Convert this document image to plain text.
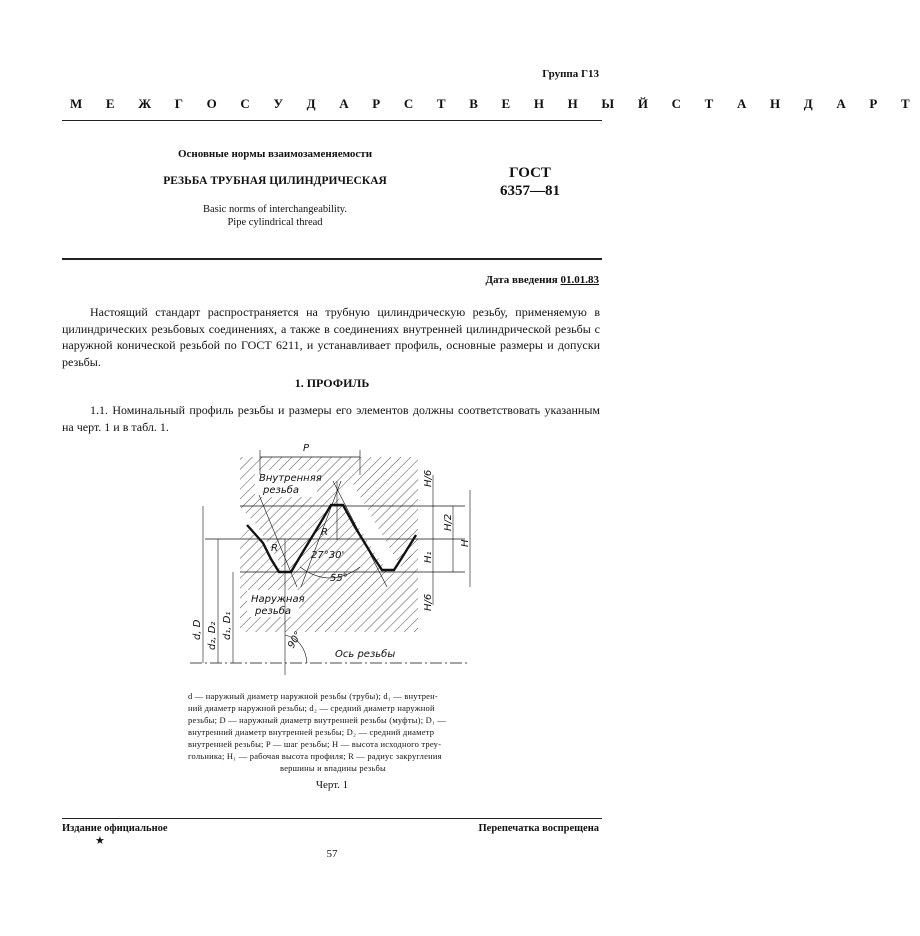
Группа Г13
М Е Ж Г О С У Д А Р С Т В Е Н Н Ы Й С Т А Н Д А Р Т
Основные нормы взаимозаменяемости
РЕЗЬБА ТРУБНАЯ ЦИЛИНДРИЧЕСКАЯ
Basic norms of interchangeability.
Pipe cylindrical thread
ГОСТ
6357—81
Дата введения 01.01.83
Настоящий стандарт распространяется на трубную цилиндрическую резьбу, применяемую в цилиндрических резьбовых соединениях, а также в соединениях внутренней цилиндрической резьбы с наружной конической резьбой по ГОСТ 6211, и устанавливает профиль, основные размеры и допуски резьбы.
1. ПРОФИЛЬ
1.1. Номинальный профиль резьбы и размеры его элементов должны соответствовать указанным на черт. 1 и в табл. 1.
P
Внутренняя
резьба
Наружная
резьба
R
R
27°30'
55°
H/6
H/2
H₁
H
H/6
d, D d₂, D₂ d₁, D₁
Ось резьбы
90°
d — наружный диаметр наружной резьбы (трубы); d₁ — внутрен-
ний диаметр наружной резьбы; d₂ — средний диаметр наружной
резьбы; D — наружный диаметр внутренней резьбы (муфты); D₁ —
внутренний диаметр внутренней резьбы; D₂ — средний диаметр
внутренней резьбы; P — шаг резьбы; H — высота исходного треу-
гольника; H₁ — рабочая высота профиля; R — радиус закругления
вершины и впадины резьбы
Черт. 1
Издание официальное
★
Перепечатка воспрещена
57
